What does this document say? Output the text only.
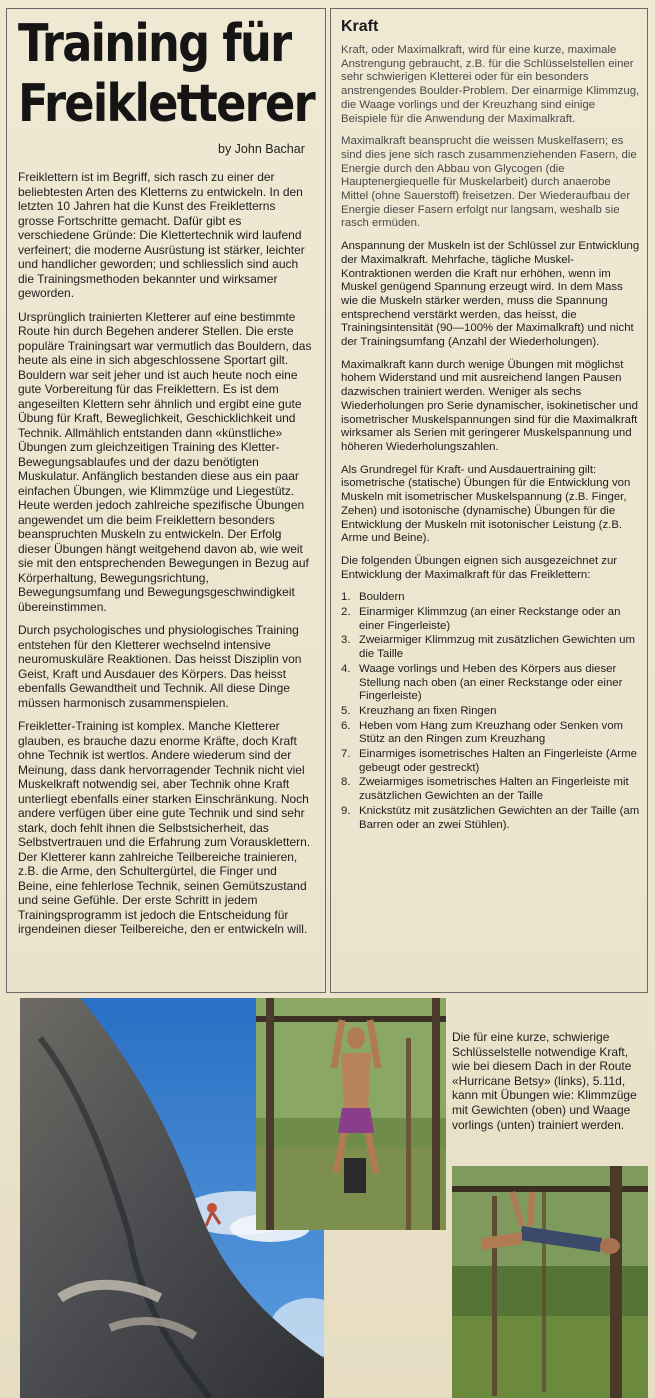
Training für
Freikletterer
by John Bachar

Freiklettern ist im Begriff, sich rasch zu einer der beliebtesten Arten des Kletterns zu entwickeln. In den letzten 10 Jahren hat die Kunst des Freikletterns grosse Fortschritte gemacht. Dafür gibt es verschiedene Gründe: Die Klettertechnik wird laufend verfeinert; die moderne Ausrüstung ist stärker, leichter und handlicher geworden; und schliesslich sind auch die Trainingsmethoden bekannter und wirksamer geworden.

Ursprünglich trainierten Kletterer auf eine bestimmte Route hin durch Begehen anderer Stellen. Die erste populäre Trainingsart war vermutlich das Bouldern, das heute als eine in sich abgeschlossene Sportart gilt. Bouldern war seit jeher und ist auch heute noch eine gute Vorbereitung für das Freiklettern. Es ist dem angeseilten Klettern sehr ähnlich und ergibt eine gute Übung für Kraft, Beweglichkeit, Geschicklichkeit und Technik. Allmählich entstanden dann «künstliche» Übungen zum gleichzeitigen Training des Kletter-Bewegungsablaufes und der dazu benötigten Muskulatur. Anfänglich bestanden diese aus ein paar einfachen Übungen, wie Klimmzüge und Liegestütz. Heute werden jedoch zahlreiche spezifische Übungen angewendet um die beim Freiklettern besonders beanspruchten Muskeln zu entwickeln. Der Erfolg dieser Übungen hängt weitgehend davon ab, wie weit sie mit den entsprechenden Bewegungen in Bezug auf Körperhaltung, Bewegungsrichtung, Bewegungsumfang und Bewegungsgeschwindigkeit übereinstimmen.

Durch psychologisches und physiologisches Training entstehen für den Kletterer wechselnd intensive neuromuskuläre Reaktionen. Das heisst Disziplin von Geist, Kraft und Ausdauer des Körpers. Das heisst ebenfalls Gewandtheit und Technik. All diese Dinge müssen harmonisch zusammenspielen.

Freikletter-Training ist komplex. Manche Kletterer glauben, es brauche dazu enorme Kräfte, doch Kraft ohne Technik ist wertlos. Andere wiederum sind der Meinung, dass dank hervorragender Technik nicht viel Muskelkraft notwendig sei, aber Technik ohne Kraft unterliegt ebenfalls einer starken Einschränkung. Noch andere verfügen über eine gute Technik und sind sehr stark, doch fehlt ihnen die Selbstsicherheit, das Selbstvertrauen und die Erfahrung zum Vorausklettern. Der Kletterer kann zahlreiche Teilbereiche trainieren, z.B. die Arme, den Schultergürtel, die Finger und Beine, eine fehlerlose Technik, seinen Gemütszustand und seine Gefühle. Der erste Schritt in jedem Trainingsprogramm ist jedoch die Entscheidung für irgendeinen dieser Teilbereiche, den er entwickeln will.

Kraft

Kraft, oder Maximalkraft, wird für eine kurze, maximale Anstrengung gebraucht, z.B. für die Schlüsselstellen einer sehr schwierigen Kletterei oder für ein besonders anstrengendes Boulder-Problem. Der einarmige Klimmzug, die Waage vorlings und der Kreuzhang sind einige Beispiele für die Anwendung der Maximalkraft.

Maximalkraft beansprucht die weissen Muskelfasern; es sind dies jene sich rasch zusammenziehenden Fasern, die Energie durch den Abbau von Glycogen (die Hauptenergiequelle für Muskelarbeit) durch anaerobe Mittel (ohne Sauerstoff) freisetzen. Der Wiederaufbau der Energie dieser Fasern erfolgt nur langsam, weshalb sie rasch ermüden.

Anspannung der Muskeln ist der Schlüssel zur Entwicklung der Maximalkraft. Mehrfache, tägliche Muskel-Kontraktionen werden die Kraft nur erhöhen, wenn im Muskel genügend Spannung erzeugt wird. In dem Mass wie die Muskeln stärker werden, muss die Spannung entsprechend verstärkt werden, das heisst, die Trainingsintensität (90—100% der Maximalkraft) und nicht der Trainingsumfang (Anzahl der Wiederholungen).

Maximalkraft kann durch wenige Übungen mit möglichst hohem Widerstand und mit ausreichend langen Pausen dazwischen trainiert werden. Weniger als sechs Wiederholungen pro Serie dynamischer, isokinetischer und isometrischer Muskelspannungen sind für die Maximalkraft wirksamer als Serien mit geringerer Muskelspannung und höheren Wiederholungszahlen.

Als Grundregel für Kraft- und Ausdauertraining gilt: isometrische (statische) Übungen für die Entwicklung von Muskeln mit isometrischer Muskelspannung (z.B. Finger, Zehen) und isotonische (dynamische) Übungen für die Entwicklung der Muskeln mit isotonischer Leistung (z.B. Arme und Beine).

Die folgenden Übungen eignen sich ausgezeichnet zur Entwicklung der Maximalkraft für das Freiklettern:

1. Bouldern
2. Einarmiger Klimmzug (an einer Reckstange oder an einer Fingerleiste)
3. Zweiarmiger Klimmzug mit zusätzlichen Gewichten um die Taille
4. Waage vorlings und Heben des Körpers aus dieser Stellung nach oben (an einer Reckstange oder einer Fingerleiste)
5. Kreuzhang an fixen Ringen
6. Heben vom Hang zum Kreuzhang oder Senken vom Stütz an den Ringen zum Kreuzhang
7. Einarmiges isometrisches Halten an Fingerleiste (Arme gebeugt oder gestreckt)
8. Zweiarmiges isometrisches Halten an Fingerleiste mit zusätzlichen Gewichten an der Taille
9. Knickstütz mit zusätzlichen Gewichten an der Taille (am Barren oder an zwei Stühlen).
Die für eine kurze, schwierige Schlüsselstelle notwendige Kraft, wie bei diesem Dach in der Route «Hurricane Betsy» (links), 5.11d, kann mit Übungen wie: Klimmzüge mit Gewichten (oben) und Waage vorlings (unten) trainiert werden.
